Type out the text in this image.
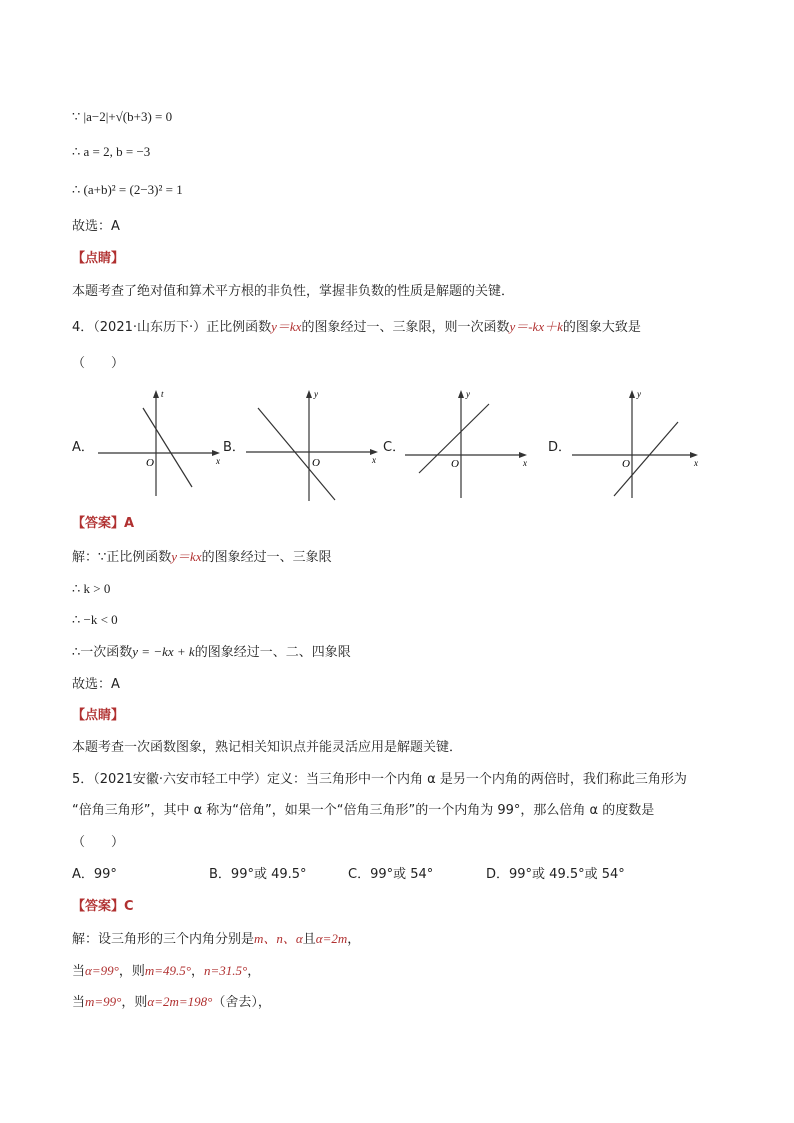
∵ |a−2|+√(b+3) = 0
∴ a = 2, b = −3
∴ (a+b)² = (2−3)² = 1
故选：A
【点睛】
本题考查了绝对值和算术平方根的非负性，掌握非负数的性质是解题的关键．
4．（2021·山东历下·）正比例函数y＝kx的图象经过一、三象限，则一次函数y＝-kx＋k的图象大致是
（　　）
A．
O	x
t
B．
O	x
y
C．
O	x
y
D．
O	x
y
【答案】A
解：∵正比例函数y＝kx的图象经过一、三象限
∴ k > 0
∴ −k < 0
∴一次函数y = −kx + k的图象经过一、二、四象限
故选：A
【点睛】
本题考查一次函数图象，熟记相关知识点并能灵活应用是解题关键．
5．（2021安徽·六安市轻工中学）定义：当三角形中一个内角 α 是另一个内角的两倍时，我们称此三角形为
“倍角三角形”，其中 α 称为“倍角”，如果一个“倍角三角形”的一个内角为 99°，那么倍角 α 的度数是
（　　）
A．99°	B．99°或 49.5°	C．99°或 54°	D．99°或 49.5°或 54°
【答案】C
解：设三角形的三个内角分别是m、n、α且α=2m，
当α=99°，则m=49.5°，n=31.5°，
当m=99°，则α=2m=198°（舍去），
